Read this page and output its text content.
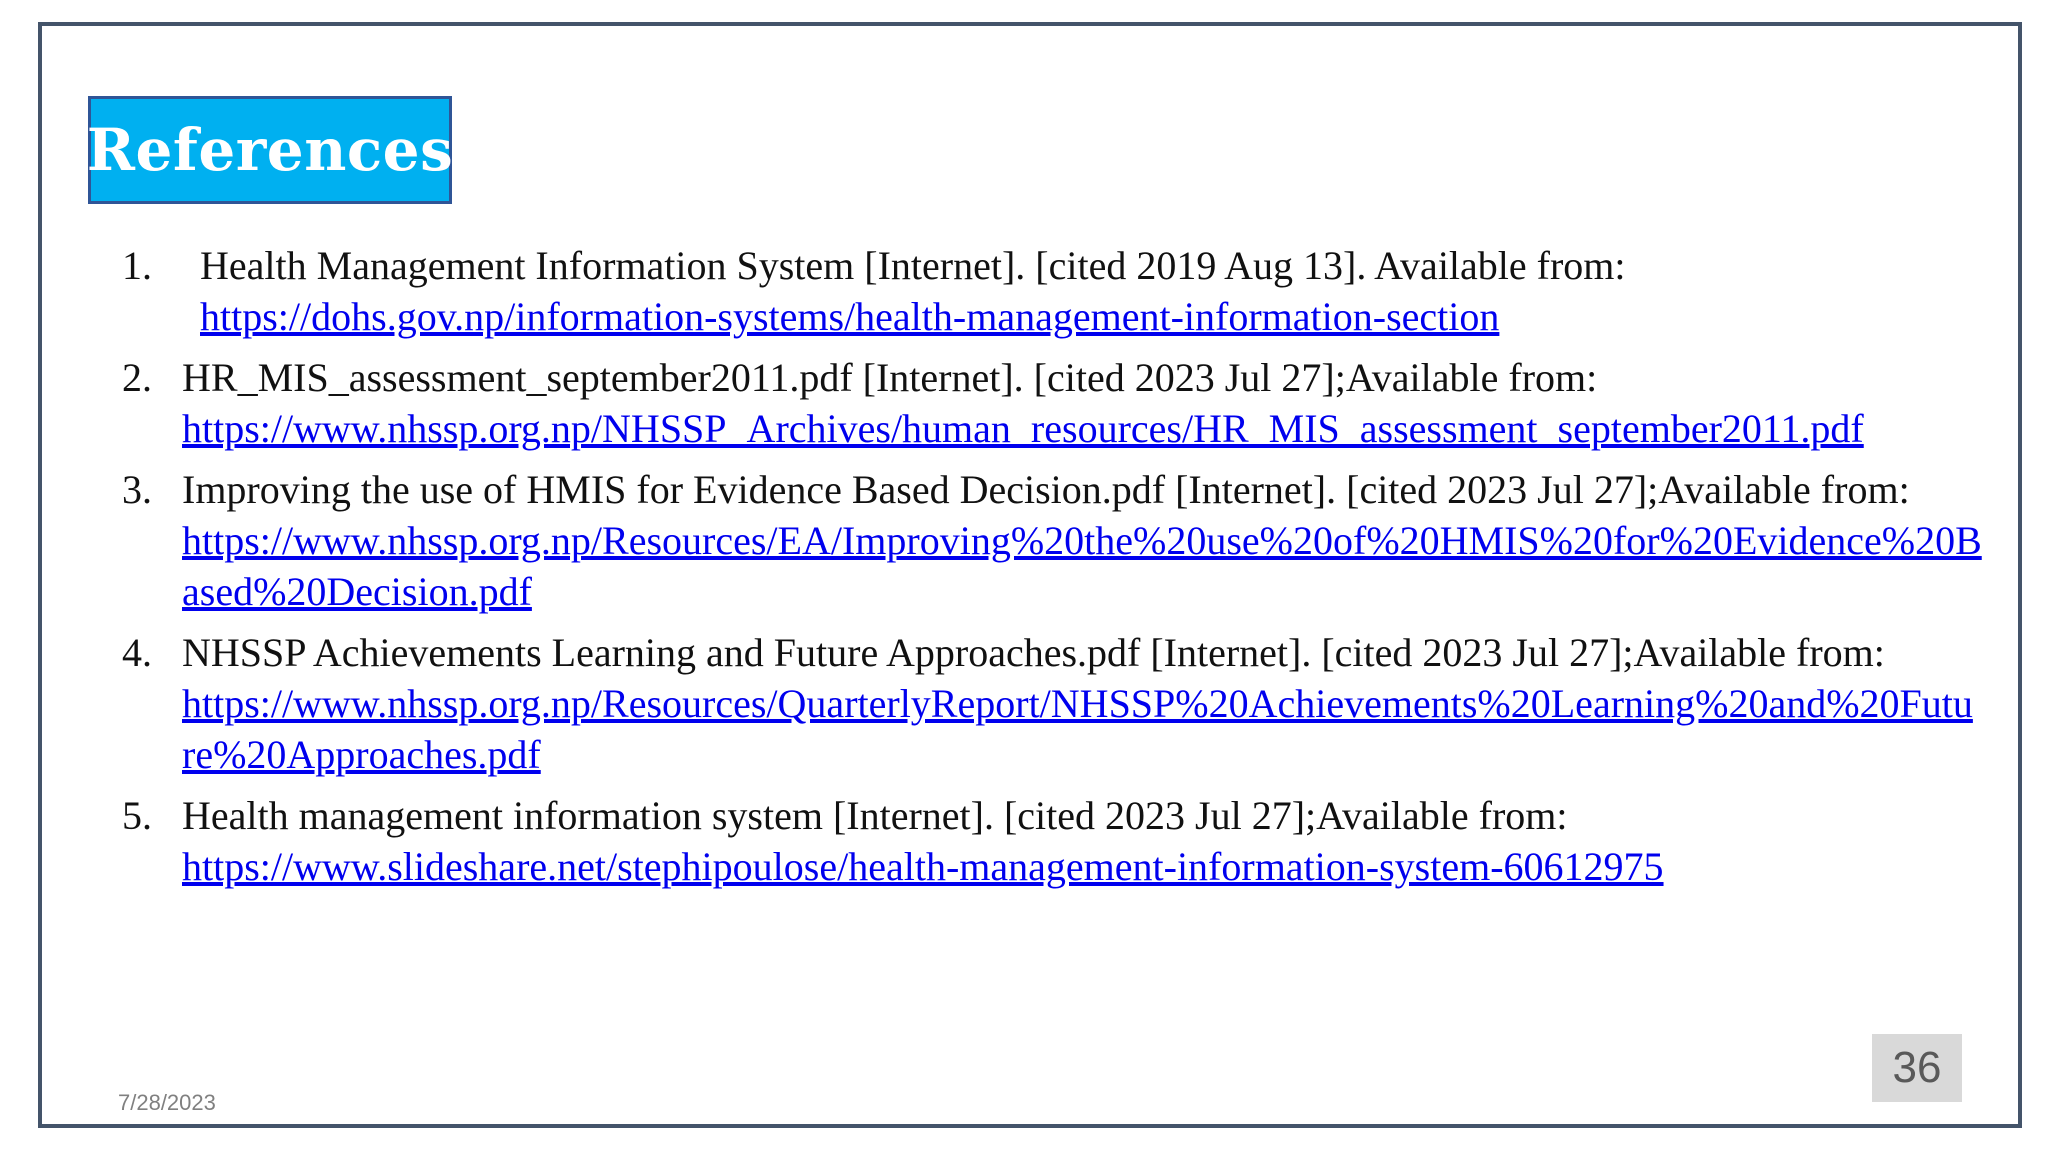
References
1. Health Management Information System [Internet]. [cited 2019 Aug 13]. Available from:
https://dohs.gov.np/information-systems/health-management-information-section
2. HR_MIS_assessment_september2011.pdf [Internet]. [cited 2023 Jul 27];Available from:
https://www.nhssp.org.np/NHSSP_Archives/human_resources/HR_MIS_assessment_september2011.pdf
3. Improving the use of HMIS for Evidence Based Decision.pdf [Internet]. [cited 2023 Jul 27];Available from:
https://www.nhssp.org.np/Resources/EA/Improving%20the%20use%20of%20HMIS%20for%20Evidence%20Based%20Decision.pdf
4. NHSSP Achievements Learning and Future Approaches.pdf [Internet]. [cited 2023 Jul 27];Available from:
https://www.nhssp.org.np/Resources/QuarterlyReport/NHSSP%20Achievements%20Learning%20and%20Future%20Approaches.pdf
5. Health management information system [Internet]. [cited 2023 Jul 27];Available from:
https://www.slideshare.net/stephipoulose/health-management-information-system-60612975
7/28/2023
36
